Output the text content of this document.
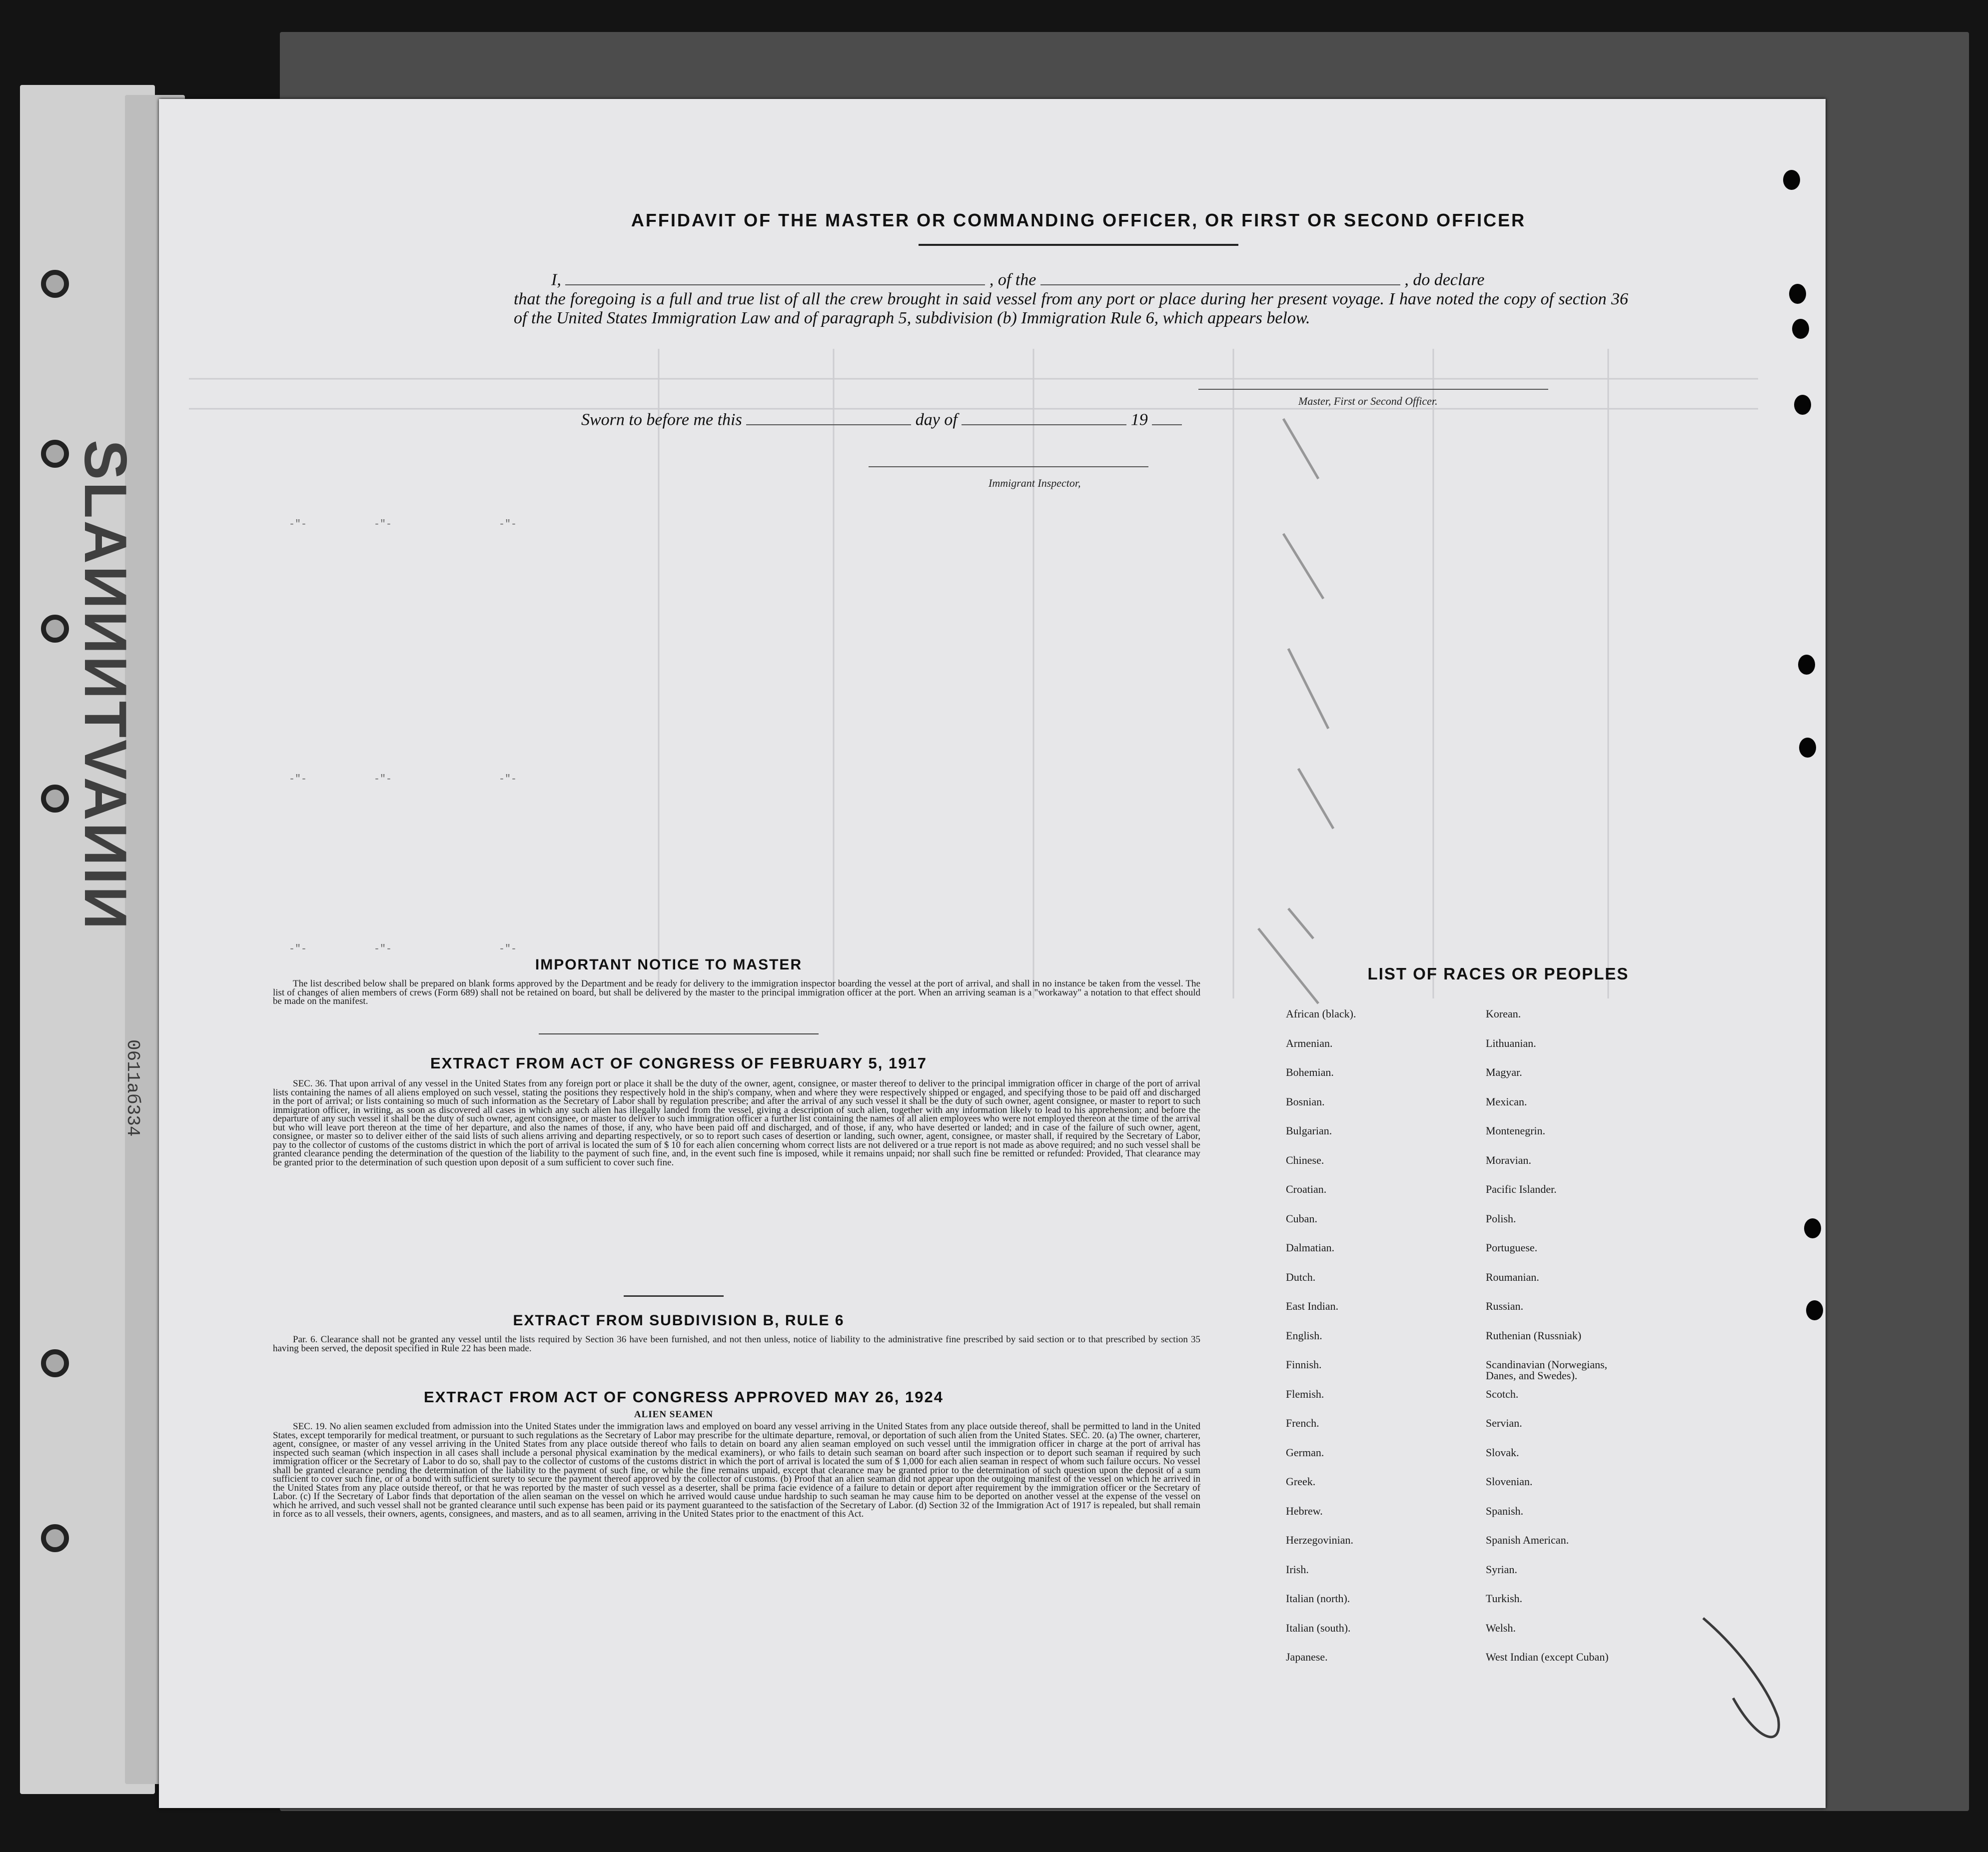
SLAИИИTVAИIИ
0611аб334
-"-	-"-	-"-
-"-	-"-	-"-
-"-	-"-	-"-
AFFIDAVIT OF THE MASTER OR COMMANDING OFFICER, OR FIRST OR SECOND OFFICER
I,	, of the	, do declare
that the foregoing is a full and true list of all the crew brought in said vessel from any port or place during her present voyage. I have noted the copy of section 36 of the United States Immigration Law and of paragraph 5, subdivision (b) Immigration Rule 6, which appears below.
Master, First or Second Officer.
Sworn to before me this	day of	19
Immigrant Inspector,
IMPORTANT NOTICE TO MASTER
The list described below shall be prepared on blank forms approved by the Department and be ready for delivery to the immigration inspector boarding the vessel at the port of arrival, and shall in no instance be taken from the vessel. The list of changes of alien members of crews (Form 689) shall not be retained on board, but shall be delivered by the master to the principal immigration officer at the port. When an arriving seaman is a "workaway" a notation to that effect should be made on the manifest.
EXTRACT FROM ACT OF CONGRESS OF FEBRUARY 5, 1917
SEC. 36. That upon arrival of any vessel in the United States from any foreign port or place it shall be the duty of the owner, agent, consignee, or master thereof to deliver to the principal immigration officer in charge of the port of arrival lists containing the names of all aliens employed on such vessel, stating the positions they respectively hold in the ship's company, when and where they were respectively shipped or engaged, and specifying those to be paid off and discharged in the port of arrival; or lists containing so much of such information as the Secretary of Labor shall by regulation prescribe; and after the arrival of any such vessel it shall be the duty of such owner, agent consignee, or master to report to such immigration officer, in writing, as soon as discovered all cases in which any such alien has illegally landed from the vessel, giving a description of such alien, together with any information likely to lead to his apprehension; and before the departure of any such vessel it shall be the duty of such owner, agent consignee, or master to deliver to such immigration officer a further list containing the names of all alien employees who were not employed thereon at the time of the arrival but who will leave port thereon at the time of her departure, and also the names of those, if any, who have been paid off and discharged, and of those, if any, who have deserted or landed; and in case of the failure of such owner, agent, consignee, or master so to deliver either of the said lists of such aliens arriving and departing respectively, or so to report such cases of desertion or landing, such owner, agent, consignee, or master shall, if required by the Secretary of Labor, pay to the collector of customs of the customs district in which the port of arrival is located the sum of $ 10 for each alien concerning whom correct lists are not delivered or a true report is not made as above required; and no such vessel shall be granted clearance pending the determination of the question of the liability to the payment of such fine, and, in the event such fine is imposed, while it remains unpaid; nor shall such fine be remitted or refunded: Provided, That clearance may be granted prior to the determination of such question upon deposit of a sum sufficient to cover such fine.
EXTRACT FROM SUBDIVISION B, RULE 6
Par. 6. Clearance shall not be granted any vessel until the lists required by Section 36 have been furnished, and not then unless, notice of liability to the administrative fine prescribed by said section or to that prescribed by section 35 having been served, the deposit specified in Rule 22 has been made.
EXTRACT FROM ACT OF CONGRESS APPROVED MAY 26, 1924
ALIEN SEAMEN
SEC. 19. No alien seamen excluded from admission into the United States under the immigration laws and employed on board any vessel arriving in the United States from any place outside thereof, shall be permitted to land in the United States, except temporarily for medical treatment, or pursuant to such regulations as the Secretary of Labor may prescribe for the ultimate departure, removal, or deportation of such alien from the United States. SEC. 20. (a) The owner, charterer, agent, consignee, or master of any vessel arriving in the United States from any place outside thereof who fails to detain on board any alien seaman employed on such vessel until the immigration officer in charge at the port of arrival has inspected such seaman (which inspection in all cases shall include a personal physical examination by the medical examiners), or who fails to detain such seaman on board after such inspection or to deport such seaman if required by such immigration officer or the Secretary of Labor to do so, shall pay to the collector of customs of the customs district in which the port of arrival is located the sum of $ 1,000 for each alien seaman in respect of whom such failure occurs. No vessel shall be granted clearance pending the determination of the liability to the payment of such fine, or while the fine remains unpaid, except that clearance may be granted prior to the determination of such question upon the deposit of a sum sufficient to cover such fine, or of a bond with sufficient surety to secure the payment thereof approved by the collector of customs. (b) Proof that an alien seaman did not appear upon the outgoing manifest of the vessel on which he arrived in the United States from any place outside thereof, or that he was reported by the master of such vessel as a deserter, shall be prima facie evidence of a failure to detain or deport after requirement by the immigration officer or the Secretary of Labor. (c) If the Secretary of Labor finds that deportation of the alien seaman on the vessel on which he arrived would cause undue hardship to such seaman he may cause him to be deported on another vessel at the expense of the vessel on which he arrived, and such vessel shall not be granted clearance until such expense has been paid or its payment guaranteed to the satisfaction of the Secretary of Labor. (d) Section 32 of the Immigration Act of 1917 is repealed, but shall remain in force as to all vessels, their owners, agents, consignees, and masters, and as to all seamen, arriving in the United States prior to the enactment of this Act.
LIST OF RACES OR PEOPLES
African (black).
Armenian.
Bohemian.
Bosnian.
Bulgarian.
Chinese.
Croatian.
Cuban.
Dalmatian.
Dutch.
East Indian.
English.
Finnish.
Flemish.
French.
German.
Greek.
Hebrew.
Herzegovinian.
Irish.
Italian (north).
Italian (south).
Japanese.
Korean.
Lithuanian.
Magyar.
Mexican.
Montenegrin.
Moravian.
Pacific Islander.
Polish.
Portuguese.
Roumanian.
Russian.
Ruthenian (Russniak)
Scandinavian (Norwegians, Danes, and Swedes).
Scotch.
Servian.
Slovak.
Slovenian.
Spanish.
Spanish American.
Syrian.
Turkish.
Welsh.
West Indian (except Cuban)
